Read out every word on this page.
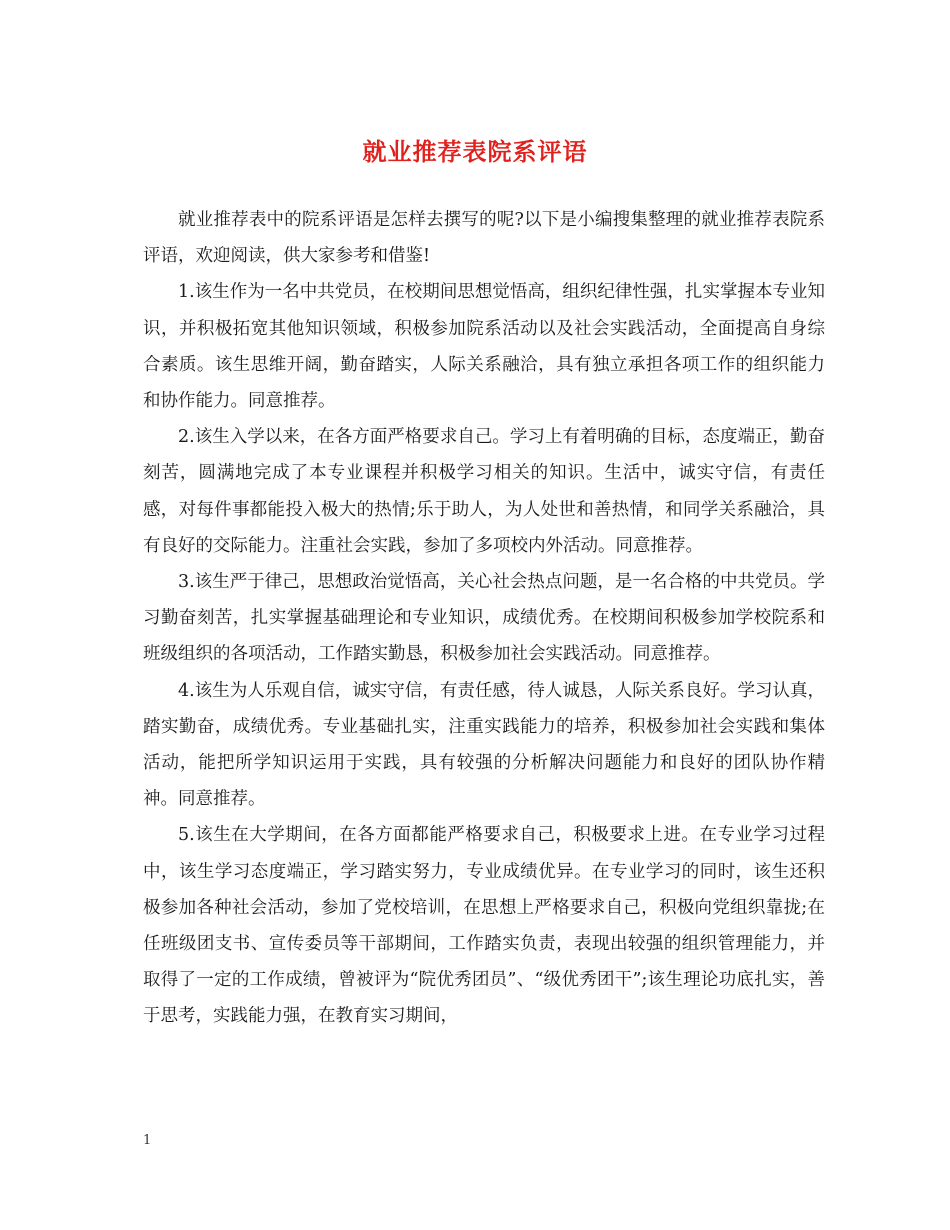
就业推荐表院系评语

就业推荐表中的院系评语是怎样去撰写的呢?以下是小编搜集整理的就业推荐表院系评语，欢迎阅读，供大家参考和借鉴!

1.该生作为一名中共党员，在校期间思想觉悟高，组织纪律性强，扎实掌握本专业知识，并积极拓宽其他知识领域，积极参加院系活动以及社会实践活动，全面提高自身综合素质。该生思维开阔，勤奋踏实，人际关系融洽，具有独立承担各项工作的组织能力和协作能力。同意推荐。

2.该生入学以来，在各方面严格要求自己。学习上有着明确的目标，态度端正，勤奋刻苦，圆满地完成了本专业课程并积极学习相关的知识。生活中，诚实守信，有责任感，对每件事都能投入极大的热情;乐于助人，为人处世和善热情，和同学关系融洽，具有良好的交际能力。注重社会实践，参加了多项校内外活动。同意推荐。

3.该生严于律己，思想政治觉悟高，关心社会热点问题，是一名合格的中共党员。学习勤奋刻苦，扎实掌握基础理论和专业知识，成绩优秀。在校期间积极参加学校院系和班级组织的各项活动，工作踏实勤恳，积极参加社会实践活动。同意推荐。

4.该生为人乐观自信，诚实守信，有责任感，待人诚恳，人际关系良好。学习认真，踏实勤奋，成绩优秀。专业基础扎实，注重实践能力的培养，积极参加社会实践和集体活动，能把所学知识运用于实践，具有较强的分析解决问题能力和良好的团队协作精神。同意推荐。

5.该生在大学期间，在各方面都能严格要求自己，积极要求上进。在专业学习过程中，该生学习态度端正，学习踏实努力，专业成绩优异。在专业学习的同时，该生还积极参加各种社会活动，参加了党校培训，在思想上严格要求自己，积极向党组织靠拢;在任班级团支书、宣传委员等干部期间，工作踏实负责，表现出较强的组织管理能力，并取得了一定的工作成绩，曾被评为“院优秀团员”、“级优秀团干”;该生理论功底扎实，善于思考，实践能力强，在教育实习期间，

1
